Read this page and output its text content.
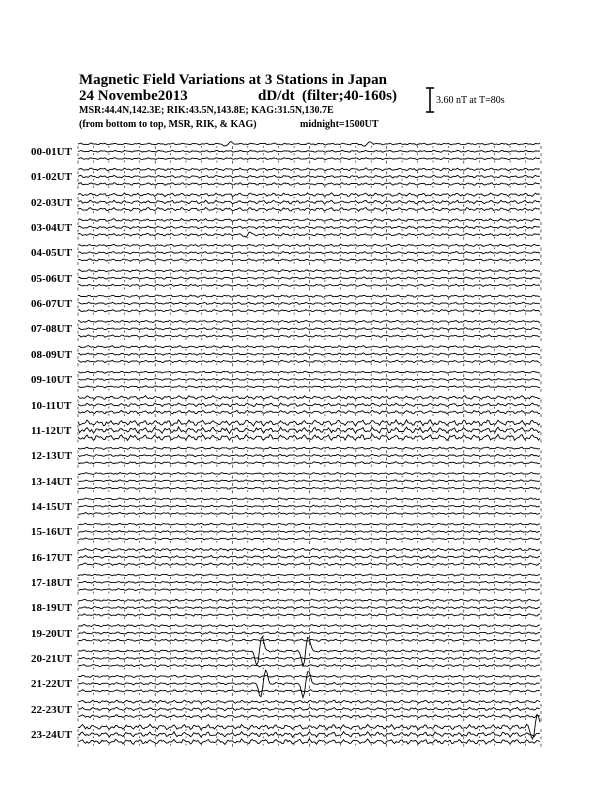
Magnetic Field Variations at 3 Stations in Japan
24 Novembe2013	dD/dt (filter;40-160s)
MSR:44.4N,142.3E; RIK:43.5N,143.8E; KAG:31.5N,130.7E
(from bottom to top, MSR, RIK, & KAG)	midnight=1500UT
3.60 nT at T=80s
00-01UT
01-02UT
02-03UT
03-04UT
04-05UT
05-06UT
06-07UT
07-08UT
08-09UT
09-10UT
10-11UT
11-12UT
12-13UT
13-14UT
14-15UT
15-16UT
16-17UT
17-18UT
18-19UT
19-20UT
20-21UT
21-22UT
22-23UT
23-24UT
